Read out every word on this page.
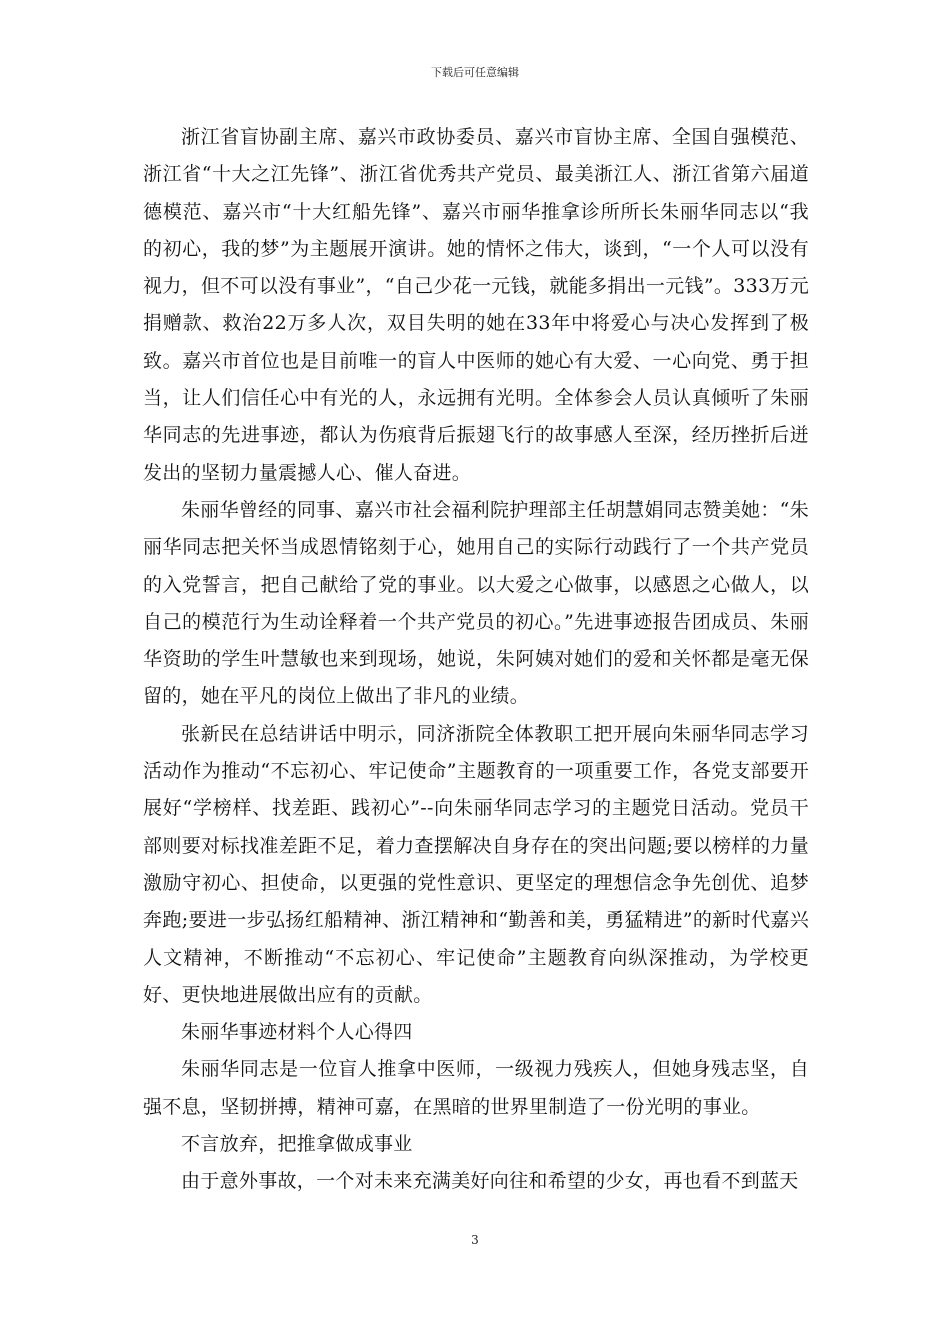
下载后可任意编辑

浙江省盲协副主席、嘉兴市政协委员、嘉兴市盲协主席、全国自强模范、浙江省“十大之江先锋”、浙江省优秀共产党员、最美浙江人、浙江省第六届道德模范、嘉兴市“十大红船先锋”、嘉兴市丽华推拿诊所所长朱丽华同志以“我的初心，我的梦”为主题展开演讲。她的情怀之伟大，谈到，“一个人可以没有视力，但不可以没有事业”，“自己少花一元钱，就能多捐出一元钱”。333万元捐赠款、救治22万多人次，双目失明的她在33年中将爱心与决心发挥到了极致。嘉兴市首位也是目前唯一的盲人中医师的她心有大爱、一心向党、勇于担当，让人们信任心中有光的人，永远拥有光明。全体参会人员认真倾听了朱丽华同志的先进事迹，都认为伤痕背后振翅飞行的故事感人至深，经历挫折后迸发出的坚韧力量震撼人心、催人奋进。

朱丽华曾经的同事、嘉兴市社会福利院护理部主任胡慧娟同志赞美她：“朱丽华同志把关怀当成恩情铭刻于心，她用自己的实际行动践行了一个共产党员的入党誓言，把自己献给了党的事业。以大爱之心做事，以感恩之心做人，以自己的模范行为生动诠释着一个共产党员的初心。”先进事迹报告团成员、朱丽华资助的学生叶慧敏也来到现场，她说，朱阿姨对她们的爱和关怀都是毫无保留的，她在平凡的岗位上做出了非凡的业绩。

张新民在总结讲话中明示，同济浙院全体教职工把开展向朱丽华同志学习活动作为推动“不忘初心、牢记使命”主题教育的一项重要工作，各党支部要开展好“学榜样、找差距、践初心”--向朱丽华同志学习的主题党日活动。党员干部则要对标找准差距不足，着力查摆解决自身存在的突出问题;要以榜样的力量激励守初心、担使命，以更强的党性意识、更坚定的理想信念争先创优、追梦奔跑;要进一步弘扬红船精神、浙江精神和“勤善和美，勇猛精进”的新时代嘉兴人文精神，不断推动“不忘初心、牢记使命”主题教育向纵深推动，为学校更好、更快地进展做出应有的贡献。

朱丽华事迹材料个人心得四

朱丽华同志是一位盲人推拿中医师，一级视力残疾人，但她身残志坚，自强不息，坚韧拼搏，精神可嘉，在黑暗的世界里制造了一份光明的事业。

不言放弃，把推拿做成事业

由于意外事故，一个对未来充满美好向往和希望的少女，再也看不到蓝天

3
